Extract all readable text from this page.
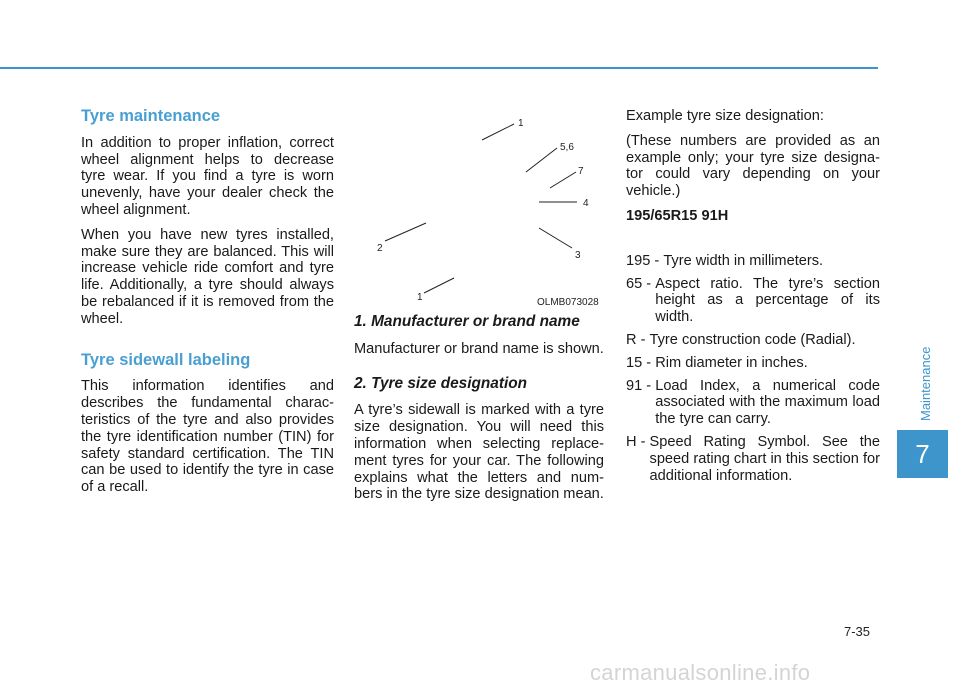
Tyre maintenance

In addition to proper inflation, correct wheel alignment helps to decrease tyre wear. If you find a tyre is worn unevenly, have your dealer check the wheel alignment.

When you have new tyres installed, make sure they are balanced. This will increase vehicle ride comfort and tyre life. Additionally, a tyre should always be rebalanced if it is removed from the wheel.

Tyre sidewall labeling

This information identifies and describes the fundamental charac- teristics of the tyre and also provides the tyre identification number (TIN) for safety standard certification. The TIN can be used to identify the tyre in case of a recall.

1
5,6
7
4
3
2
1	OLMB073028
1. Manufacturer or brand name

Manufacturer or brand name is shown.

2. Tyre size designation

A tyre’s sidewall is marked with a tyre size designation. You will need this information when selecting replace- ment tyres for your car. The following explains what the letters and num- bers in the tyre size designation mean.

Example tyre size designation:

(These numbers are provided as an example only; your tyre size designa- tor could vary depending on your vehicle.)

195/65R15 91H

195 - Tyre width in millimeters.
65 - Aspect ratio. The tyre’s section height as a percentage of its width.
R - Tyre construction code (Radial).
15 - Rim diameter in inches.
91 - Load Index, a numerical code associated with the maximum load the tyre can carry.
H - Speed Rating Symbol. See the speed rating chart in this section for additional information.
Maintenance
7
7-35
carmanualsonline.info
